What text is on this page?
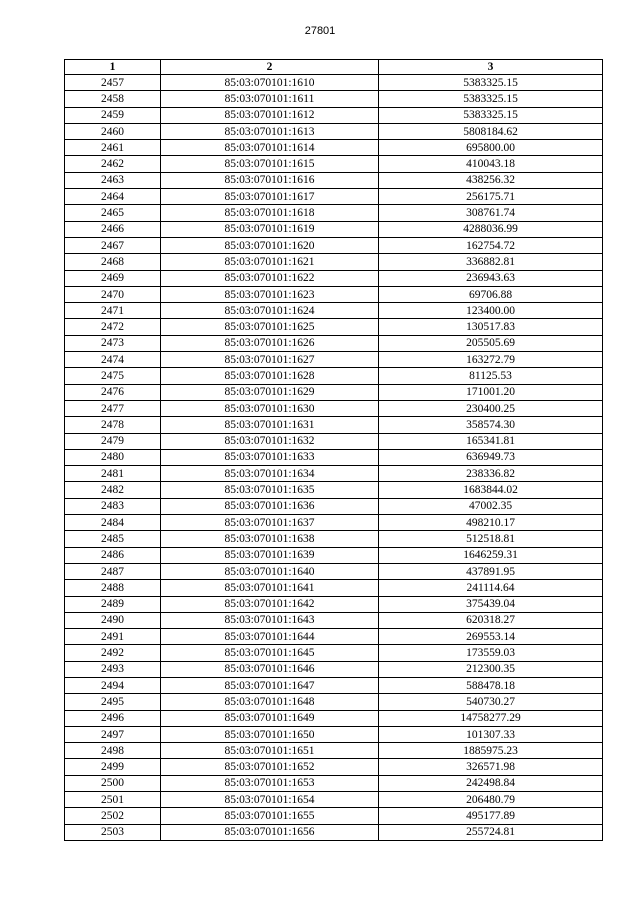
27801
1	2	3
2457	85:03:070101:1610	5383325.15
2458	85:03:070101:1611	5383325.15
2459	85:03:070101:1612	5383325.15
2460	85:03:070101:1613	5808184.62
2461	85:03:070101:1614	695800.00
2462	85:03:070101:1615	410043.18
2463	85:03:070101:1616	438256.32
2464	85:03:070101:1617	256175.71
2465	85:03:070101:1618	308761.74
2466	85:03:070101:1619	4288036.99
2467	85:03:070101:1620	162754.72
2468	85:03:070101:1621	336882.81
2469	85:03:070101:1622	236943.63
2470	85:03:070101:1623	69706.88
2471	85:03:070101:1624	123400.00
2472	85:03:070101:1625	130517.83
2473	85:03:070101:1626	205505.69
2474	85:03:070101:1627	163272.79
2475	85:03:070101:1628	81125.53
2476	85:03:070101:1629	171001.20
2477	85:03:070101:1630	230400.25
2478	85:03:070101:1631	358574.30
2479	85:03:070101:1632	165341.81
2480	85:03:070101:1633	636949.73
2481	85:03:070101:1634	238336.82
2482	85:03:070101:1635	1683844.02
2483	85:03:070101:1636	47002.35
2484	85:03:070101:1637	498210.17
2485	85:03:070101:1638	512518.81
2486	85:03:070101:1639	1646259.31
2487	85:03:070101:1640	437891.95
2488	85:03:070101:1641	241114.64
2489	85:03:070101:1642	375439.04
2490	85:03:070101:1643	620318.27
2491	85:03:070101:1644	269553.14
2492	85:03:070101:1645	173559.03
2493	85:03:070101:1646	212300.35
2494	85:03:070101:1647	588478.18
2495	85:03:070101:1648	540730.27
2496	85:03:070101:1649	14758277.29
2497	85:03:070101:1650	101307.33
2498	85:03:070101:1651	1885975.23
2499	85:03:070101:1652	326571.98
2500	85:03:070101:1653	242498.84
2501	85:03:070101:1654	206480.79
2502	85:03:070101:1655	495177.89
2503	85:03:070101:1656	255724.81
